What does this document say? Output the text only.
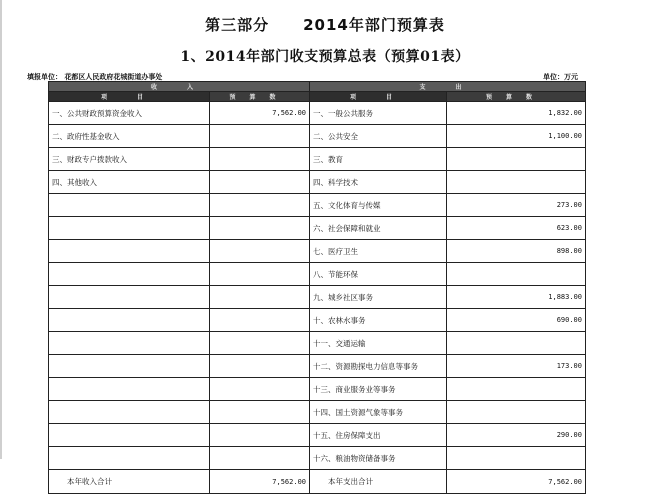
第三部分 2014年部门预算表
1、2014年部门收支预算总表（预算01表）
填报单位： 花都区人民政府花城街道办事处	单位：万元
收 入		支 出	
项 目	预算数	项 目	预算数
一、公共财政预算资金收入	7,562.00	一、一般公共服务	1,832.00
二、政府性基金收入		二、公共安全	1,100.00
三、财政专户拨款收入		三、教育	
四、其他收入		四、科学技术	
		五、文化体育与传媒	273.00
		六、社会保障和就业	623.00
		七、医疗卫生	898.00
		八、节能环保	
		九、城乡社区事务	1,883.00
		十、农林水事务	690.00
		十一、交通运输	
		十二、资源勘探电力信息等事务	173.00
		十三、商业服务业等事务	
		十四、国土资源气象等事务	
		十五、住房保障支出	290.00
		十六、粮油物资储备事务	
本年收入合计	7,562.00	本年支出合计	7,562.00
